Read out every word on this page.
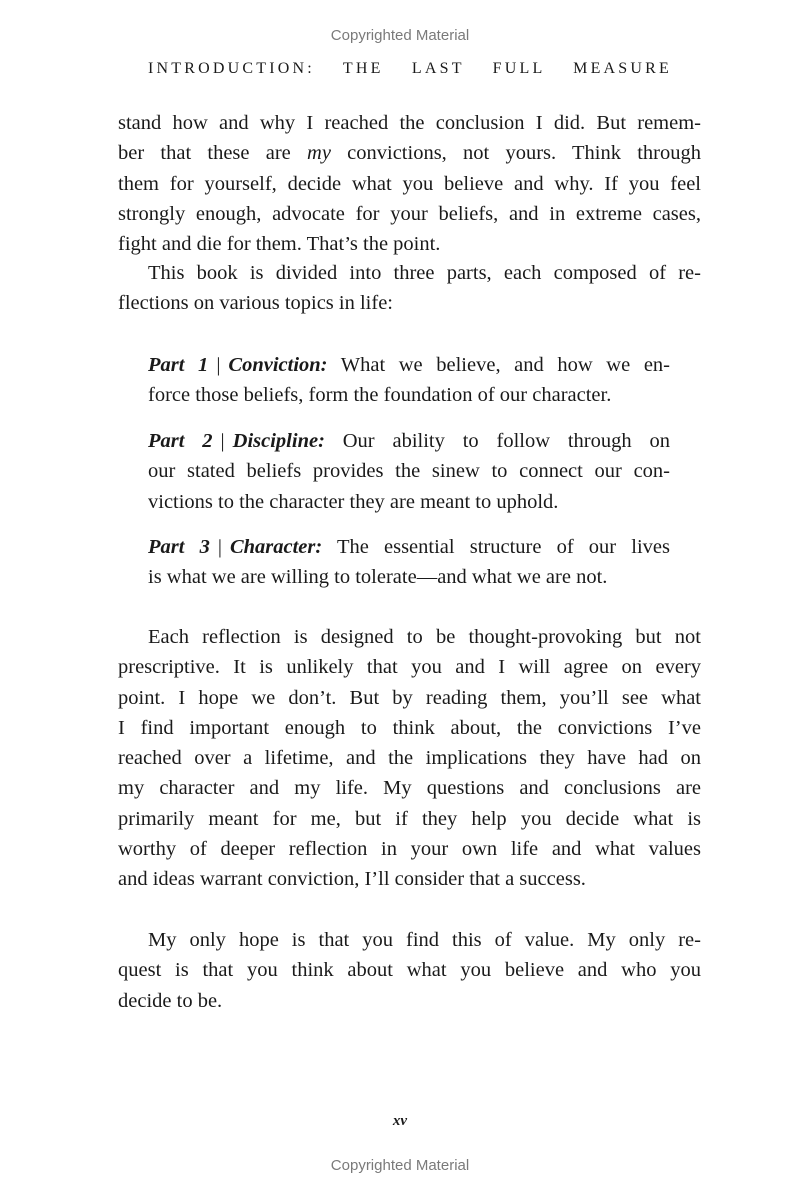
Copyrighted Material
INTRODUCTION: THE LAST FULL MEASURE
stand how and why I reached the conclusion I did. But remem-
ber that these are my convictions, not yours. Think through
them for yourself, decide what you believe and why. If you feel
strongly enough, advocate for your beliefs, and in extreme cases,
fight and die for them. That’s the point.
This book is divided into three parts, each composed of re-
flections on various topics in life:
Part 1 | Conviction: What we believe, and how we en-
force those beliefs, form the foundation of our character.
Part 2 | Discipline: Our ability to follow through on
our stated beliefs provides the sinew to connect our con-
victions to the character they are meant to uphold.
Part 3 | Character: The essential structure of our lives
is what we are willing to tolerate—and what we are not.
Each reflection is designed to be thought-provoking but not
prescriptive. It is unlikely that you and I will agree on every
point. I hope we don’t. But by reading them, you’ll see what
I find important enough to think about, the convictions I’ve
reached over a lifetime, and the implications they have had on
my character and my life. My questions and conclusions are
primarily meant for me, but if they help you decide what is
worthy of deeper reflection in your own life and what values
and ideas warrant conviction, I’ll consider that a success.
My only hope is that you find this of value. My only re-
quest is that you think about what you believe and who you
decide to be.
xv
Copyrighted Material
